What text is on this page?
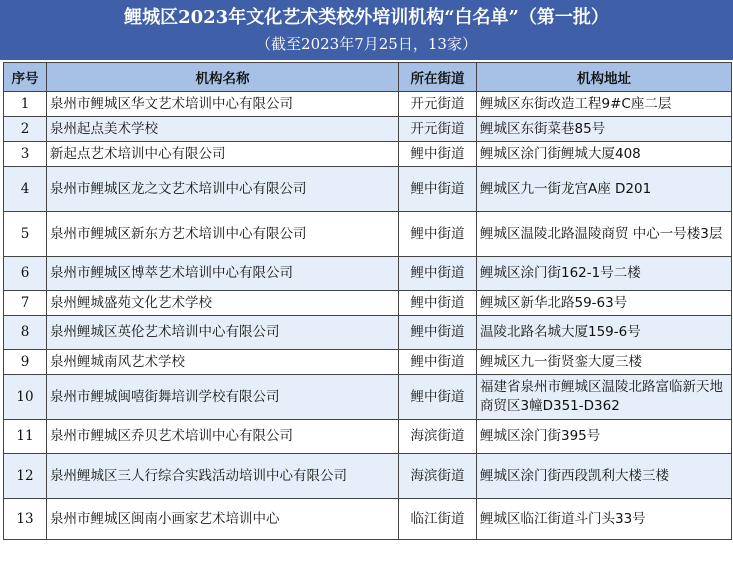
鲤城区2023年文化艺术类校外培训机构“白名单”（第一批）
（截至2023年7月25日，13家）
序号	机构名称	所在街道	机构地址
1	泉州市鲤城区华文艺术培训中心有限公司	开元街道	鲤城区东街改造工程9#C座二层
2	泉州起点美术学校	开元街道	鲤城区东街菜巷85号
3	新起点艺术培训中心有限公司	鲤中街道	鲤城区涂门街鲤城大厦408
4	泉州市鲤城区龙之文艺术培训中心有限公司	鲤中街道	鲤城区九一街龙宫A座 D201
5	泉州市鲤城区新东方艺术培训中心有限公司	鲤中街道	鲤城区温陵北路温陵商贸 中心一号楼3层
6	泉州市鲤城区博萃艺术培训中心有限公司	鲤中街道	鲤城区涂门街162-1号二楼
7	泉州鲤城盛苑文化艺术学校	鲤中街道	鲤城区新华北路59-63号
8	泉州鲤城区英伦艺术培训中心有限公司	鲤中街道	温陵北路名城大厦159-6号
9	泉州鲤城南风艺术学校	鲤中街道	鲤城区九一街贤銮大厦三楼
10	泉州市鲤城闽嘻街舞培训学校有限公司	鲤中街道	福建省泉州市鲤城区温陵北路富临新天地商贸区3幢D351-D362
11	泉州市鲤城区乔贝艺术培训中心有限公司	海滨街道	鲤城区涂门街395号
12	泉州鲤城区三人行综合实践活动培训中心有限公司	海滨街道	鲤城区涂门街西段凯利大楼三楼
13	泉州市鲤城区闽南小画家艺术培训中心	临江街道	鲤城区临江街道斗门头33号
